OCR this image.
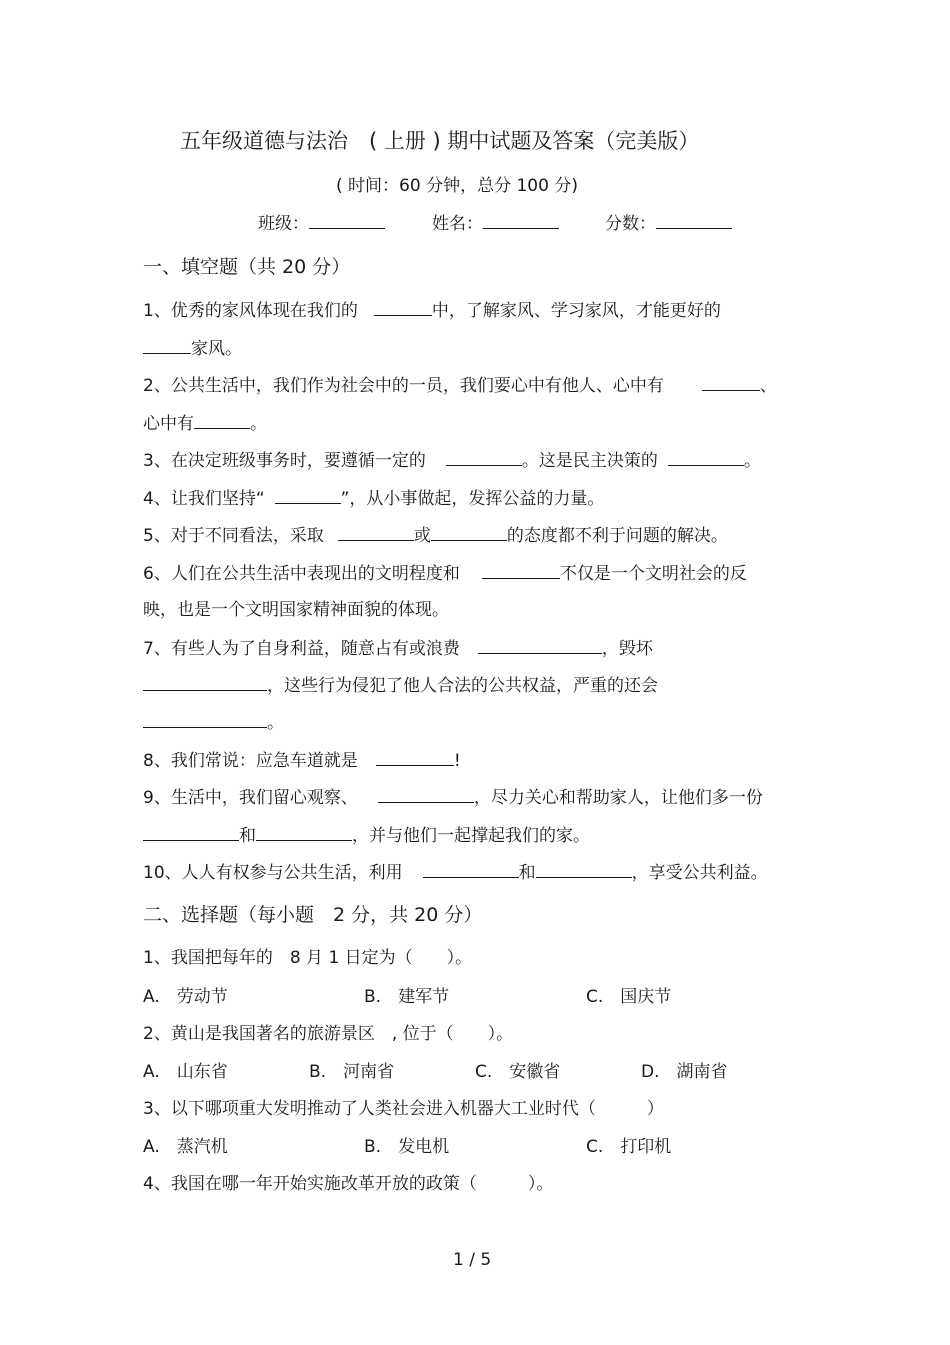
五年级道德与法治　( 上册 ) 期中试题及答案（完美版）
( 时间：60 分钟，总分 100 分)
班级：	姓名：	分数：
一、填空题（共 20 分）
1、优秀的家风体现在我们的	中，了解家风、学习家风，才能更好的
家风。
2、公共生活中，我们作为社会中的一员，我们要心中有他人、心中有	、
心中有	。
3、在决定班级事务时，要遵循一定的	。这是民主决策的	。
4、让我们坚持“	”，从小事做起，发挥公益的力量。
5、对于不同看法，采取	或	的态度都不利于问题的解决。
6、人们在公共生活中表现出的文明程度和	不仅是一个文明社会的反
映，也是一个文明国家精神面貌的体现。
7、有些人为了自身利益，随意占有或浪费	，毁坏
，这些行为侵犯了他人合法的公共权益，严重的还会
。
8、我们常说：应急车道就是	!
9、生活中，我们留心观察、	，尽力关心和帮助家人，让他们多一份
和	，并与他们一起撑起我们的家。
10、人人有权参与公共生活，利用	和	，享受公共利益。
二、选择题（每小题　2 分，共 20 分）
1、我国把每年的　8 月 1 日定为（　　）。
A.　劳动节	B.　建军节	C.　国庆节
2、黄山是我国著名的旅游景区　, 位于（　　）。
A.　山东省	B.　河南省	C.　安徽省	D.　湖南省
3、以下哪项重大发明推动了人类社会进入机器大工业时代（　　　）
A.　蒸汽机	B.　发电机	C.　打印机
4、我国在哪一年开始实施改革开放的政策（　　　）。
1 / 5
